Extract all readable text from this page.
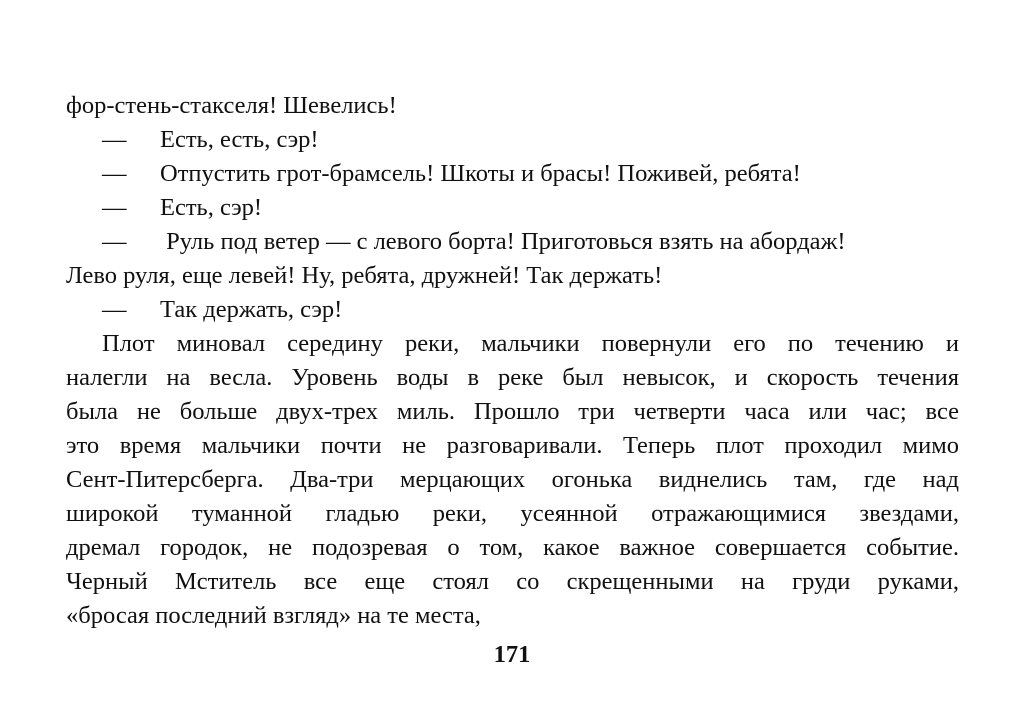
фор-стень-стакселя! Шевелись!
—	Есть, есть, сэр!
—	Отпустить грот-брамсель! Шкоты и брасы! Поживей, ребята!
—	Есть, сэр!
—	Руль под ветер — с левого борта! Приготовься взять на абордаж!
Лево руля, еще левей! Ну, ребята, дружней! Так держать!
—	Так держать, сэр!
Плот миновал середину реки, мальчики повернули его по течению и
налегли на весла. Уровень воды в реке был невысок, и скорость течения
была не больше двух-трех миль. Прошло три четверти часа или час; все
это время мальчики почти не разговаривали. Теперь плот проходил мимо
Сент-Питерсберга. Два-три мерцающих огонька виднелись там, где над
широкой туманной гладью реки, усеянной отражающимися звездами,
дремал городок, не подозревая о том, какое важное совершается событие.
Черный Мститель все еще стоял со скрещенными на груди руками,
«бросая последний взгляд» на те места,
171
